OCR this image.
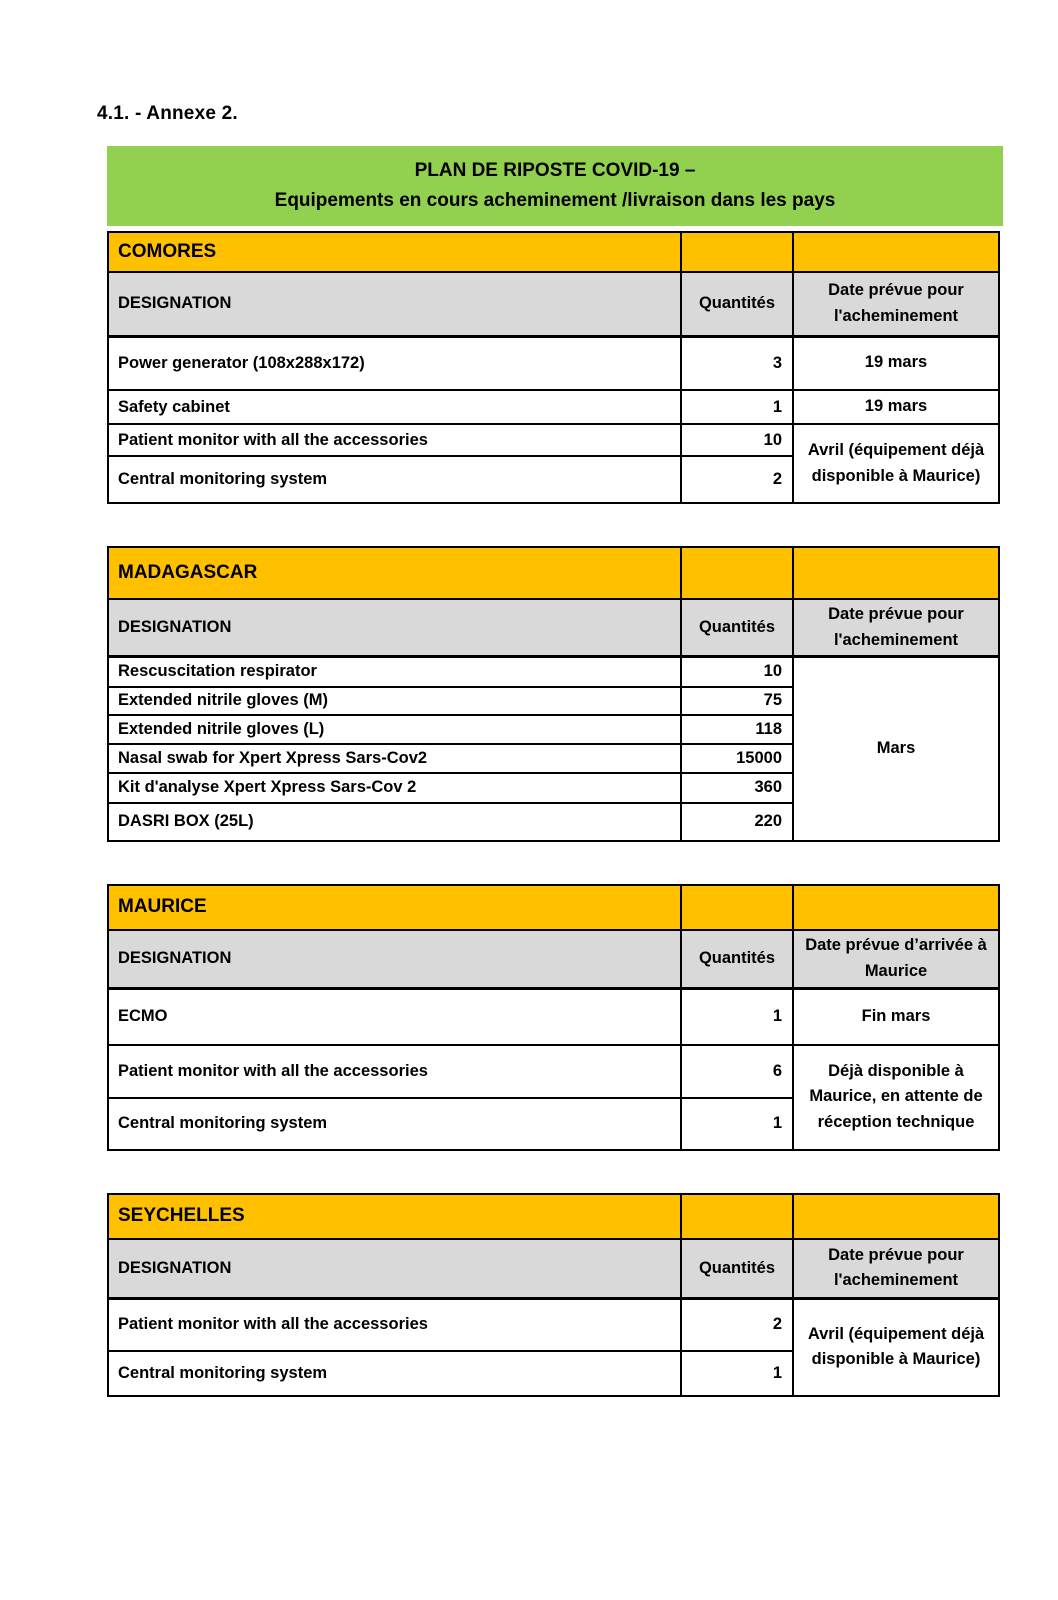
4.1. - Annexe 2.
PLAN DE RIPOSTE COVID-19 –
Equipements en cours acheminement /livraison dans les pays
COMORES		
DESIGNATION	Quantités	Date prévue pour l'acheminement
Power generator (108x288x172)	3	19 mars
Safety cabinet	1	19 mars
Patient monitor with all the accessories	10	Avril (équipement déjà disponible à Maurice)
Central monitoring system	2	
MADAGASCAR		
DESIGNATION	Quantités	Date prévue pour l'acheminement
Rescuscitation respirator	10	Mars
Extended nitrile gloves (M)	75	
Extended nitrile gloves (L)	118	
Nasal swab for Xpert Xpress Sars-Cov2	15000	
Kit d'analyse Xpert Xpress Sars-Cov 2	360	
DASRI BOX (25L)	220	
MAURICE		
DESIGNATION	Quantités	Date prévue d’arrivée à Maurice
ECMO	1	Fin mars
Patient monitor with all the accessories	6	Déjà disponible à Maurice, en attente de réception technique
Central monitoring system	1	
SEYCHELLES		
DESIGNATION	Quantités	Date prévue pour l'acheminement
Patient monitor with all the accessories	2	Avril (équipement déjà disponible à Maurice)
Central monitoring system	1	
